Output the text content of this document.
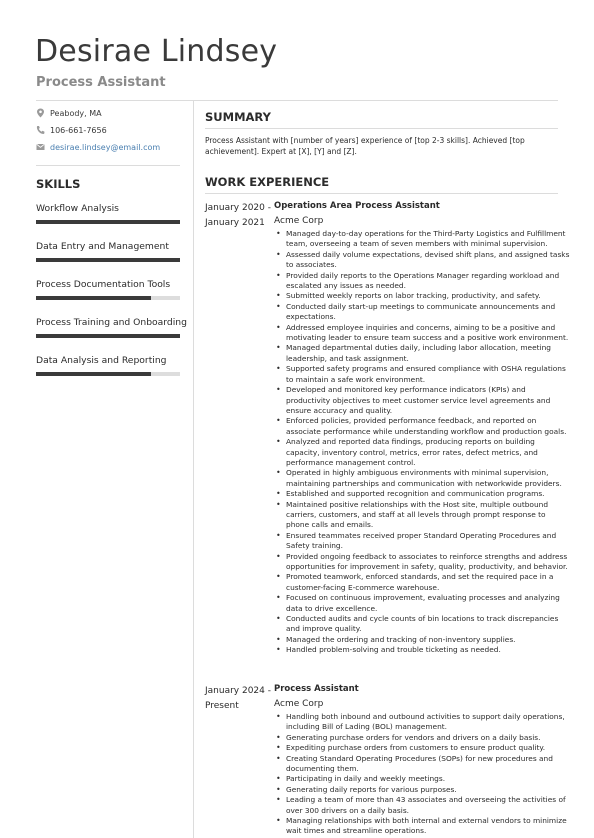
Desirae Lindsey
Process Assistant
Peabody, MA
106-661-7656
desirae.lindsey@email.com
SKILLS
Workflow Analysis
Data Entry and Management
Process Documentation Tools
Process Training and Onboarding
Data Analysis and Reporting
SUMMARY
Process Assistant with [number of years] experience of [top 2-3 skills]. Achieved [top achievement]. Expert at [X], [Y] and [Z].
WORK EXPERIENCE
January 2020 - January 2021
Operations Area Process Assistant
Acme Corp
• Managed day-to-day operations for the Third-Party Logistics and Fulfillment team, overseeing a team of seven members with minimal supervision.
• Assessed daily volume expectations, devised shift plans, and assigned tasks to associates.
• Provided daily reports to the Operations Manager regarding workload and escalated any issues as needed.
• Submitted weekly reports on labor tracking, productivity, and safety.
• Conducted daily start-up meetings to communicate announcements and expectations.
• Addressed employee inquiries and concerns, aiming to be a positive and motivating leader to ensure team success and a positive work environment.
• Managed departmental duties daily, including labor allocation, meeting leadership, and task assignment.
• Supported safety programs and ensured compliance with OSHA regulations to maintain a safe work environment.
• Developed and monitored key performance indicators (KPIs) and productivity objectives to meet customer service level agreements and ensure accuracy and quality.
• Enforced policies, provided performance feedback, and reported on associate performance while understanding workflow and production goals.
• Analyzed and reported data findings, producing reports on building capacity, inventory control, metrics, error rates, defect metrics, and performance management control.
• Operated in highly ambiguous environments with minimal supervision, maintaining partnerships and communication with networkwide providers.
• Established and supported recognition and communication programs.
• Maintained positive relationships with the Host site, multiple outbound carriers, customers, and staff at all levels through prompt response to phone calls and emails.
• Ensured teammates received proper Standard Operating Procedures and Safety training.
• Provided ongoing feedback to associates to reinforce strengths and address opportunities for improvement in safety, quality, productivity, and behavior.
• Promoted teamwork, enforced standards, and set the required pace in a customer-facing E-commerce warehouse.
• Focused on continuous improvement, evaluating processes and analyzing data to drive excellence.
• Conducted audits and cycle counts of bin locations to track discrepancies and improve quality.
• Managed the ordering and tracking of non-inventory supplies.
• Handled problem-solving and trouble ticketing as needed.
January 2024 - Present
Process Assistant
Acme Corp
• Handling both inbound and outbound activities to support daily operations, including Bill of Lading (BOL) management.
• Generating purchase orders for vendors and drivers on a daily basis.
• Expediting purchase orders from customers to ensure product quality.
• Creating Standard Operating Procedures (SOPs) for new procedures and documenting them.
• Participating in daily and weekly meetings.
• Generating daily reports for various purposes.
• Leading a team of more than 43 associates and overseeing the activities of over 300 drivers on a daily basis.
• Managing relationships with both internal and external vendors to minimize wait times and streamline operations.
